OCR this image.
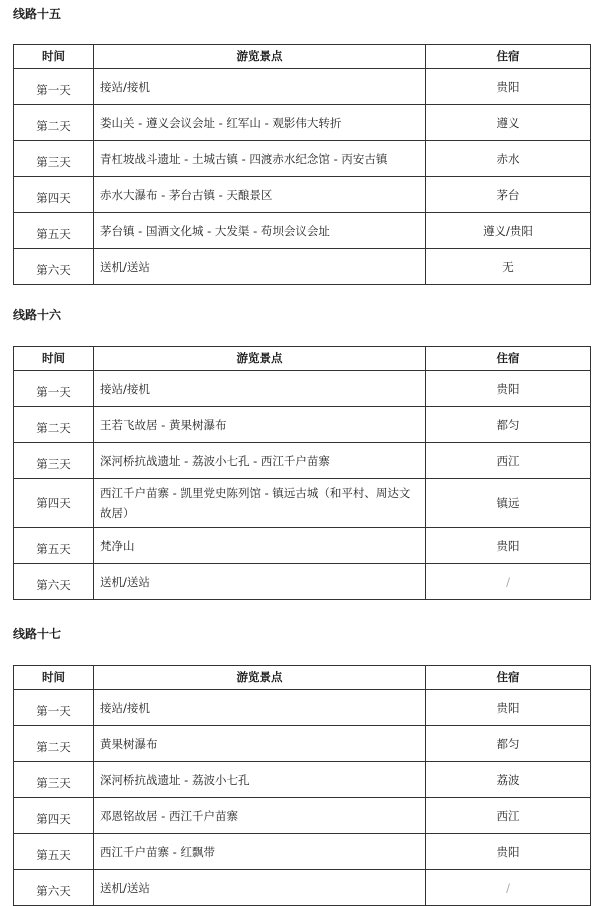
线路十五
时间	游览景点	住宿
第一天	接站/接机	贵阳
第二天	娄山关 - 遵义会议会址 - 红军山 - 观影伟大转折	遵义
第三天	青杠坡战斗遗址 - 土城古镇 - 四渡赤水纪念馆 - 丙安古镇	赤水
第四天	赤水大瀑布 - 茅台古镇 - 天酿景区	茅台
第五天	茅台镇 - 国酒文化城 - 大发渠 - 苟坝会议会址	遵义/贵阳
第六天	送机/送站	无
线路十六
时间	游览景点	住宿
第一天	接站/接机	贵阳
第二天	王若飞故居 - 黄果树瀑布	都匀
第三天	深河桥抗战遗址 - 荔波小七孔 - 西江千户苗寨	西江
第四天	西江千户苗寨 - 凯里党史陈列馆 - 镇远古城（和平村、周达文故居）	镇远
第五天	梵净山	贵阳
第六天	送机/送站	/
线路十七
时间	游览景点	住宿
第一天	接站/接机	贵阳
第二天	黄果树瀑布	都匀
第三天	深河桥抗战遗址 - 荔波小七孔	荔波
第四天	邓恩铭故居 - 西江千户苗寨	西江
第五天	西江千户苗寨 - 红飘带	贵阳
第六天	送机/送站	/
